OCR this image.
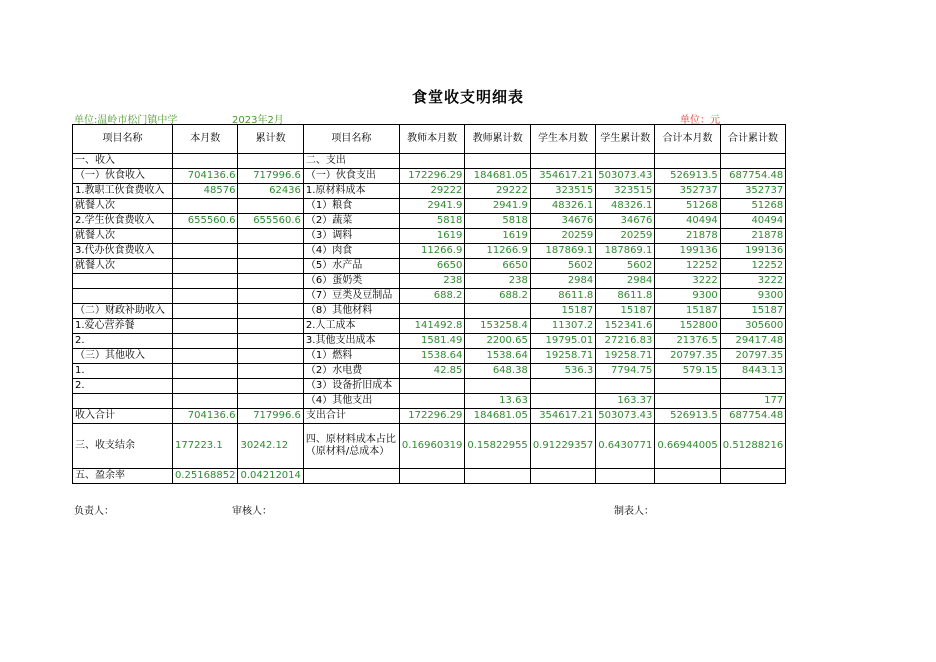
食堂收支明细表
单位:温岭市松门镇中学	2023年2月	单位：元
项目名称	本月数	累计数	项目名称	教师本月数	教师累计数	学生本月数	学生累计数	合计本月数	合计累计数
一、收入			二、支出						
（一）伙食收入	704136.6	717996.6	（一）伙食支出	172296.29	184681.05	354617.21	503073.43	526913.5	687754.48
1.教职工伙食费收入	48576	62436	1.原材料成本	29222	29222	323515	323515	352737	352737
就餐人次			（1）粮食	2941.9	2941.9	48326.1	48326.1	51268	51268
2.学生伙食费收入	655560.6	655560.6	（2）蔬菜	5818	5818	34676	34676	40494	40494
就餐人次			（3）调料	1619	1619	20259	20259	21878	21878
3.代办伙食费收入			（4）肉食	11266.9	11266.9	187869.1	187869.1	199136	199136
就餐人次			（5）水产品	6650	6650	5602	5602	12252	12252
			（6）蛋奶类	238	238	2984	2984	3222	3222
			（7）豆类及豆制品	688.2	688.2	8611.8	8611.8	9300	9300
（二）财政补助收入			（8）其他材料			15187	15187	15187	15187
1.爱心营养餐			2.人工成本	141492.8	153258.4	11307.2	152341.6	152800	305600
2.			3.其他支出成本	1581.49	2200.65	19795.01	27216.83	21376.5	29417.48
（三）其他收入			（1）燃料	1538.64	1538.64	19258.71	19258.71	20797.35	20797.35
1.			（2）水电费	42.85	648.38	536.3	7794.75	579.15	8443.13
2.			（3）设备折旧成本						
			（4）其他支出		13.63		163.37		177
收入合计	704136.6	717996.6	支出合计	172296.29	184681.05	354617.21	503073.43	526913.5	687754.48
三、收支结余	177223.1	30242.12	四、原材料成本占比 （原材料/总成本）	0.16960319	0.15822955	0.91229357	0.6430771	0.66944005	0.51288216
五、盈余率	0.25168852	0.04212014							
负责人：	审核人：	制表人：
